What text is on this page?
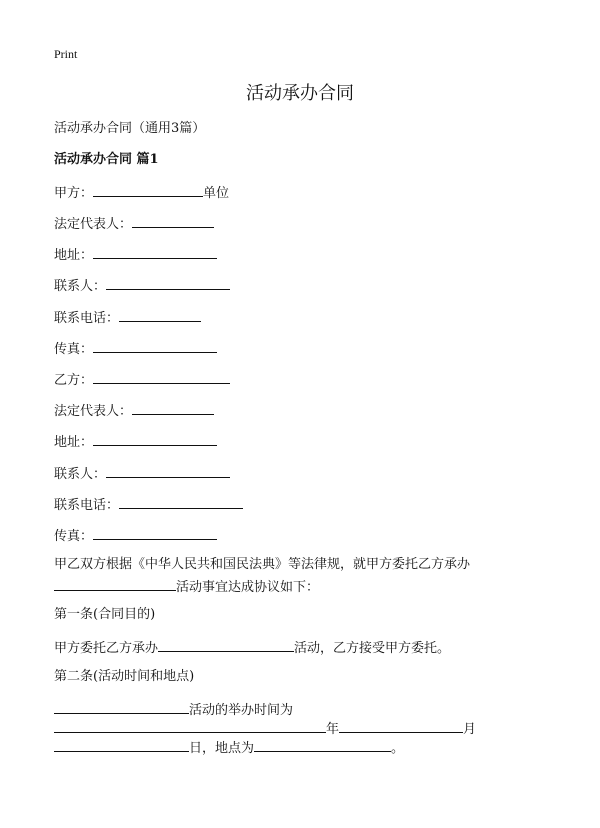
Print
活动承办合同
活动承办合同（通用3篇）
活动承办合同 篇1
甲方：	单位
法定代表人：
地址：
联系人：
联系电话：
传真：
乙方：
法定代表人：
地址：
联系人：
联系电话：
传真：
甲乙双方根据《中华人民共和国民法典》等法律规，就甲方委托乙方承办
活动事宜达成协议如下：
第一条(合同目的)
甲方委托乙方承办	活动，乙方接受甲方委托。
第二条(活动时间和地点)
活动的举办时间为
年	月
日，地点为	。
